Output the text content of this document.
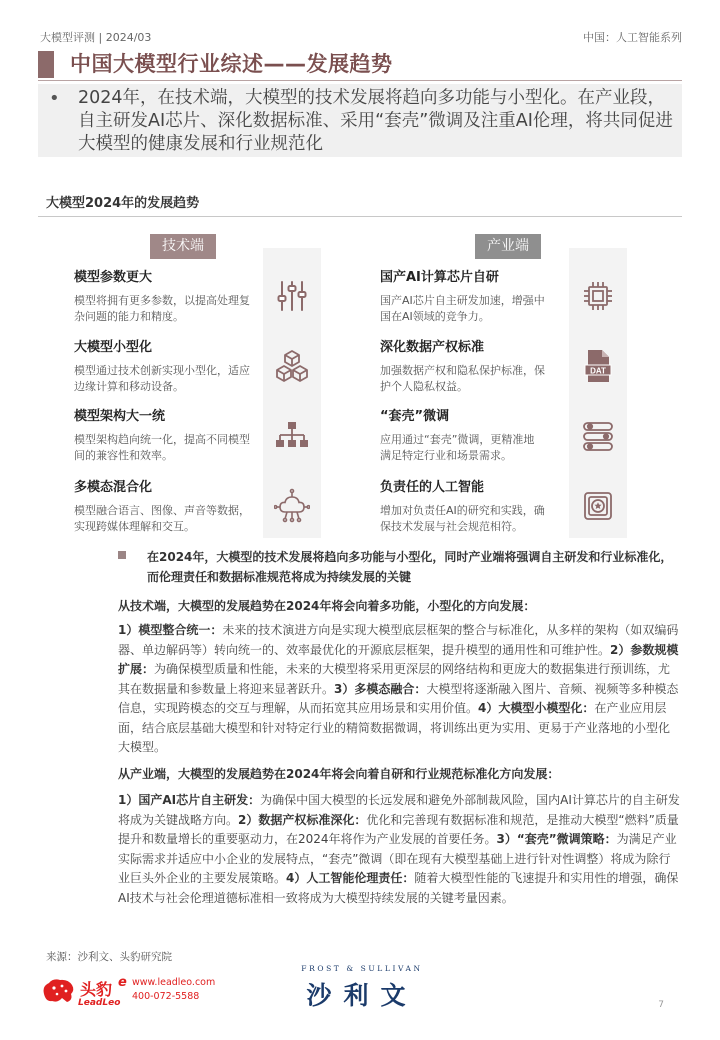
大模型评测 | 2024/03	中国：人工智能系列
中国大模型行业综述——发展趋势
• 2024年，在技术端，大模型的技术发展将趋向多功能与小型化。在产业段，自主研发AI芯片、深化数据标准、采用“套壳”微调及注重AI伦理，将共同促进大模型的健康发展和行业规范化
大模型2024年的发展趋势
技术端	产业端
模型参数更大
模型将拥有更多参数，以提高处理复杂问题的能力和精度。
大模型小型化
模型通过技术创新实现小型化，适应边缘计算和移动设备。
模型架构大一统
模型架构趋向统一化，提高不同模型间的兼容性和效率。
多模态混合化
模型融合语言、图像、声音等数据，实现跨媒体理解和交互。
国产AI计算芯片自研
国产AI芯片自主研发加速，增强中国在AI领域的竞争力。
深化数据产权标准
加强数据产权和隐私保护标准，保护个人隐私权益。
“套壳”微调
应用通过“套壳”微调，更精准地满足特定行业和场景需求。
负责任的人工智能
增加对负责任AI的研究和实践，确保技术发展与社会规范相符。
DAT
在2024年，大模型的技术发展将趋向多功能与小型化，同时产业端将强调自主研发和行业标准化，而伦理责任和数据标准规范将成为持续发展的关键
从技术端，大模型的发展趋势在2024年将会向着多功能，小型化的方向发展：
1）模型整合统一：未来的技术演进方向是实现大模型底层框架的整合与标准化，从多样的架构（如双编码器、单边解码等）转向统一的、效率最优化的开源底层框架，提升模型的通用性和可维护性。2）参数规模扩展：为确保模型质量和性能，未来的大模型将采用更深层的网络结构和更庞大的数据集进行预训练，尤其在数据量和参数量上将迎来显著跃升。3）多模态融合：大模型将逐渐融入图片、音频、视频等多种模态信息，实现跨模态的交互与理解，从而拓宽其应用场景和实用价值。4）大模型小模型化：在产业应用层面，结合底层基础大模型和针对特定行业的精简数据微调，将训练出更为实用、更易于产业落地的小型化大模型。
从产业端，大模型的发展趋势在2024年将会向着自研和行业规范标准化方向发展：
1）国产AI芯片自主研发：为确保中国大模型的长远发展和避免外部制裁风险，国内AI计算芯片的自主研发将成为关键战略方向。2）数据产权标准深化：优化和完善现有数据标准和规范，是推动大模型“燃料”质量提升和数量增长的重要驱动力，在2024年将作为产业发展的首要任务。3）“套壳”微调策略：为满足产业实际需求并适应中小企业的发展特点，“套壳”微调（即在现有大模型基础上进行针对性调整）将成为除行业巨头外企业的主要发展策略。4）人工智能伦理责任：随着大模型性能的飞速提升和实用性的增强，确保AI技术与社会伦理道德标准相一致将成为大模型持续发展的关键考量因素。
来源：沙利文、头豹研究院
头豹
LeadLeo
e www.leadleo.com
400-072-5588
FROST & SULLIVAN
沙利文	7
